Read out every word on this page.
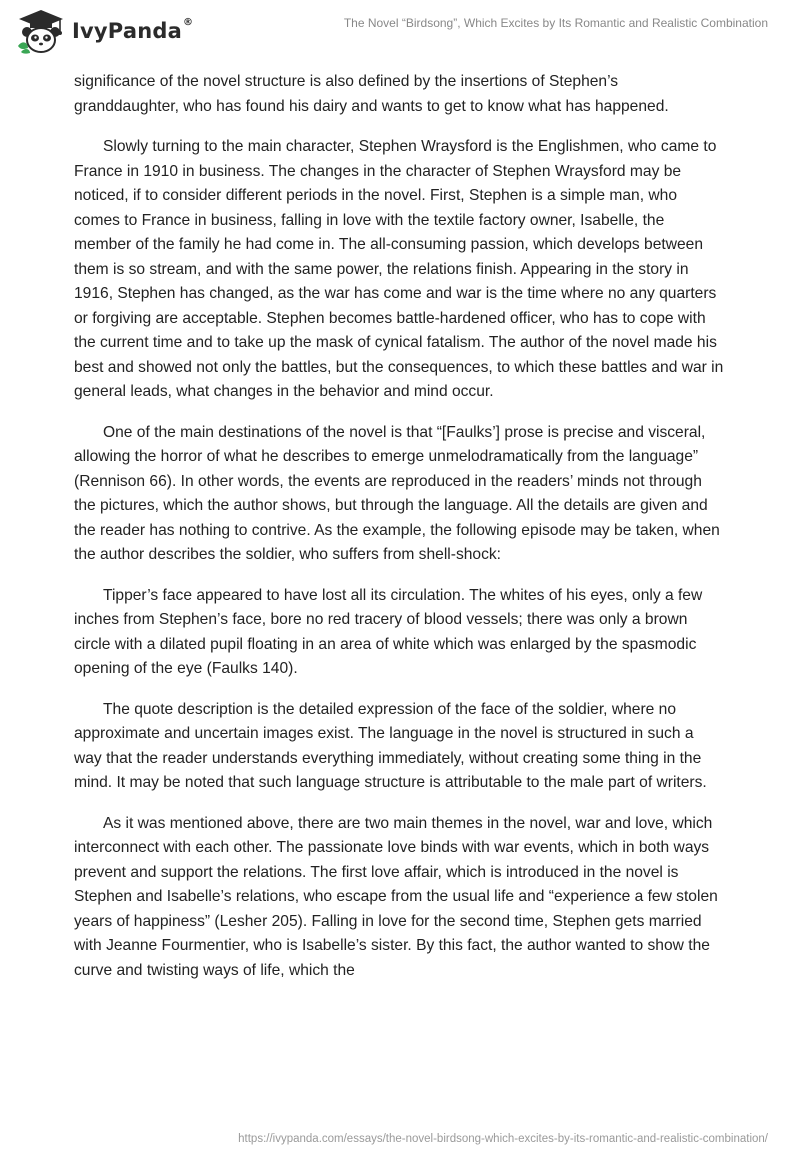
IvyPanda ®	The Novel “Birdsong”, Which Excites by Its Romantic and Realistic Combination

significance of the novel structure is also defined by the insertions of Stephen’s granddaughter, who has found his dairy and wants to get to know what has happened.

Slowly turning to the main character, Stephen Wraysford is the Englishmen, who came to France in 1910 in business. The changes in the character of Stephen Wraysford may be noticed, if to consider different periods in the novel. First, Stephen is a simple man, who comes to France in business, falling in love with the textile factory owner, Isabelle, the member of the family he had come in. The all-consuming passion, which develops between them is so stream, and with the same power, the relations finish. Appearing in the story in 1916, Stephen has changed, as the war has come and war is the time where no any quarters or forgiving are acceptable. Stephen becomes battle-hardened officer, who has to cope with the current time and to take up the mask of cynical fatalism. The author of the novel made his best and showed not only the battles, but the consequences, to which these battles and war in general leads, what changes in the behavior and mind occur.

One of the main destinations of the novel is that “[Faulks’] prose is precise and visceral, allowing the horror of what he describes to emerge unmelodramatically from the language” (Rennison 66). In other words, the events are reproduced in the readers’ minds not through the pictures, which the author shows, but through the language. All the details are given and the reader has nothing to contrive. As the example, the following episode may be taken, when the author describes the soldier, who suffers from shell-shock:

Tipper’s face appeared to have lost all its circulation. The whites of his eyes, only a few inches from Stephen’s face, bore no red tracery of blood vessels; there was only a brown circle with a dilated pupil floating in an area of white which was enlarged by the spasmodic opening of the eye (Faulks 140).

The quote description is the detailed expression of the face of the soldier, where no approximate and uncertain images exist. The language in the novel is structured in such a way that the reader understands everything immediately, without creating some thing in the mind. It may be noted that such language structure is attributable to the male part of writers.

As it was mentioned above, there are two main themes in the novel, war and love, which interconnect with each other. The passionate love binds with war events, which in both ways prevent and support the relations. The first love affair, which is introduced in the novel is Stephen and Isabelle’s relations, who escape from the usual life and “experience a few stolen years of happiness” (Lesher 205). Falling in love for the second time, Stephen gets married with Jeanne Fourmentier, who is Isabelle’s sister. By this fact, the author wanted to show the curve and twisting ways of life, which the

https://ivypanda.com/essays/the-novel-birdsong-which-excites-by-its-romantic-and-realistic-combination/
